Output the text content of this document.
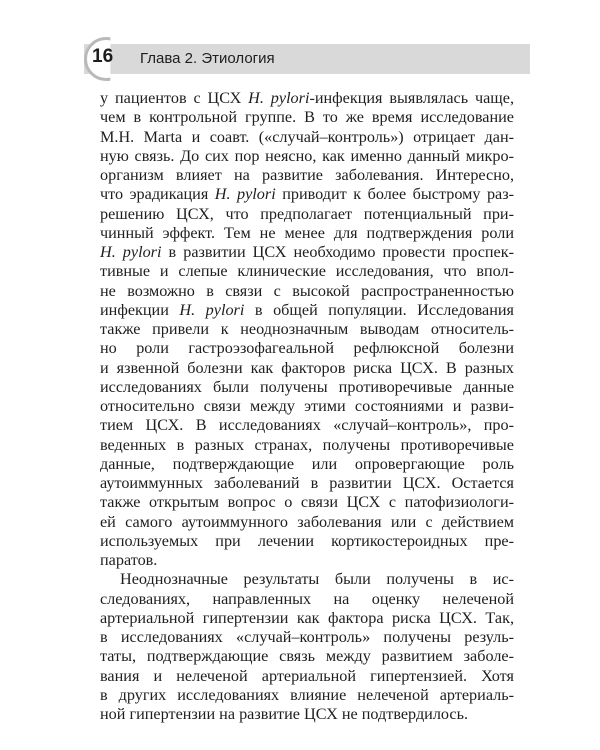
Глава 2. Этиология
16
у пациентов с ЦСХ H. pylori-инфекция выявлялась чаще,
чем в контрольной группе. В то же время исследование
M.H. Marta и соавт. («случай–контроль») отрицает дан-
ную связь. До сих пор неясно, как именно данный микро-
организм влияет на развитие заболевания. Интересно,
что эрадикация H. pylori приводит к более быстрому раз-
решению ЦСХ, что предполагает потенциальный при-
чинный эффект. Тем не менее для подтверждения роли
H. pylori в развитии ЦСХ необходимо провести проспек-
тивные и слепые клинические исследования, что впол-
не возможно в связи с высокой распространенностью
инфекции H. pylori в общей популяции. Исследования
также привели к неоднозначным выводам относитель-
но роли гастроэзофагеальной рефлюксной болезни
и язвенной болезни как факторов риска ЦСХ. В разных
исследованиях были получены противоречивые данные
относительно связи между этими состояниями и разви-
тием ЦСХ. В исследованиях «случай–контроль», про-
веденных в разных странах, получены противоречивые
данные, подтверждающие или опровергающие роль
аутоиммунных заболеваний в развитии ЦСХ. Остается
также открытым вопрос о связи ЦСХ с патофизиологи-
ей самого аутоиммунного заболевания или с действием
используемых при лечении кортикостероидных пре-
паратов.
Неоднозначные результаты были получены в ис-
следованиях, направленных на оценку нелеченой
артериальной гипертензии как фактора риска ЦСХ. Так,
в исследованиях «случай–контроль» получены резуль-
таты, подтверждающие связь между развитием заболе-
вания и нелеченой артериальной гипертензией. Хотя
в других исследованиях влияние нелеченой артериаль-
ной гипертензии на развитие ЦСХ не подтвердилось.
